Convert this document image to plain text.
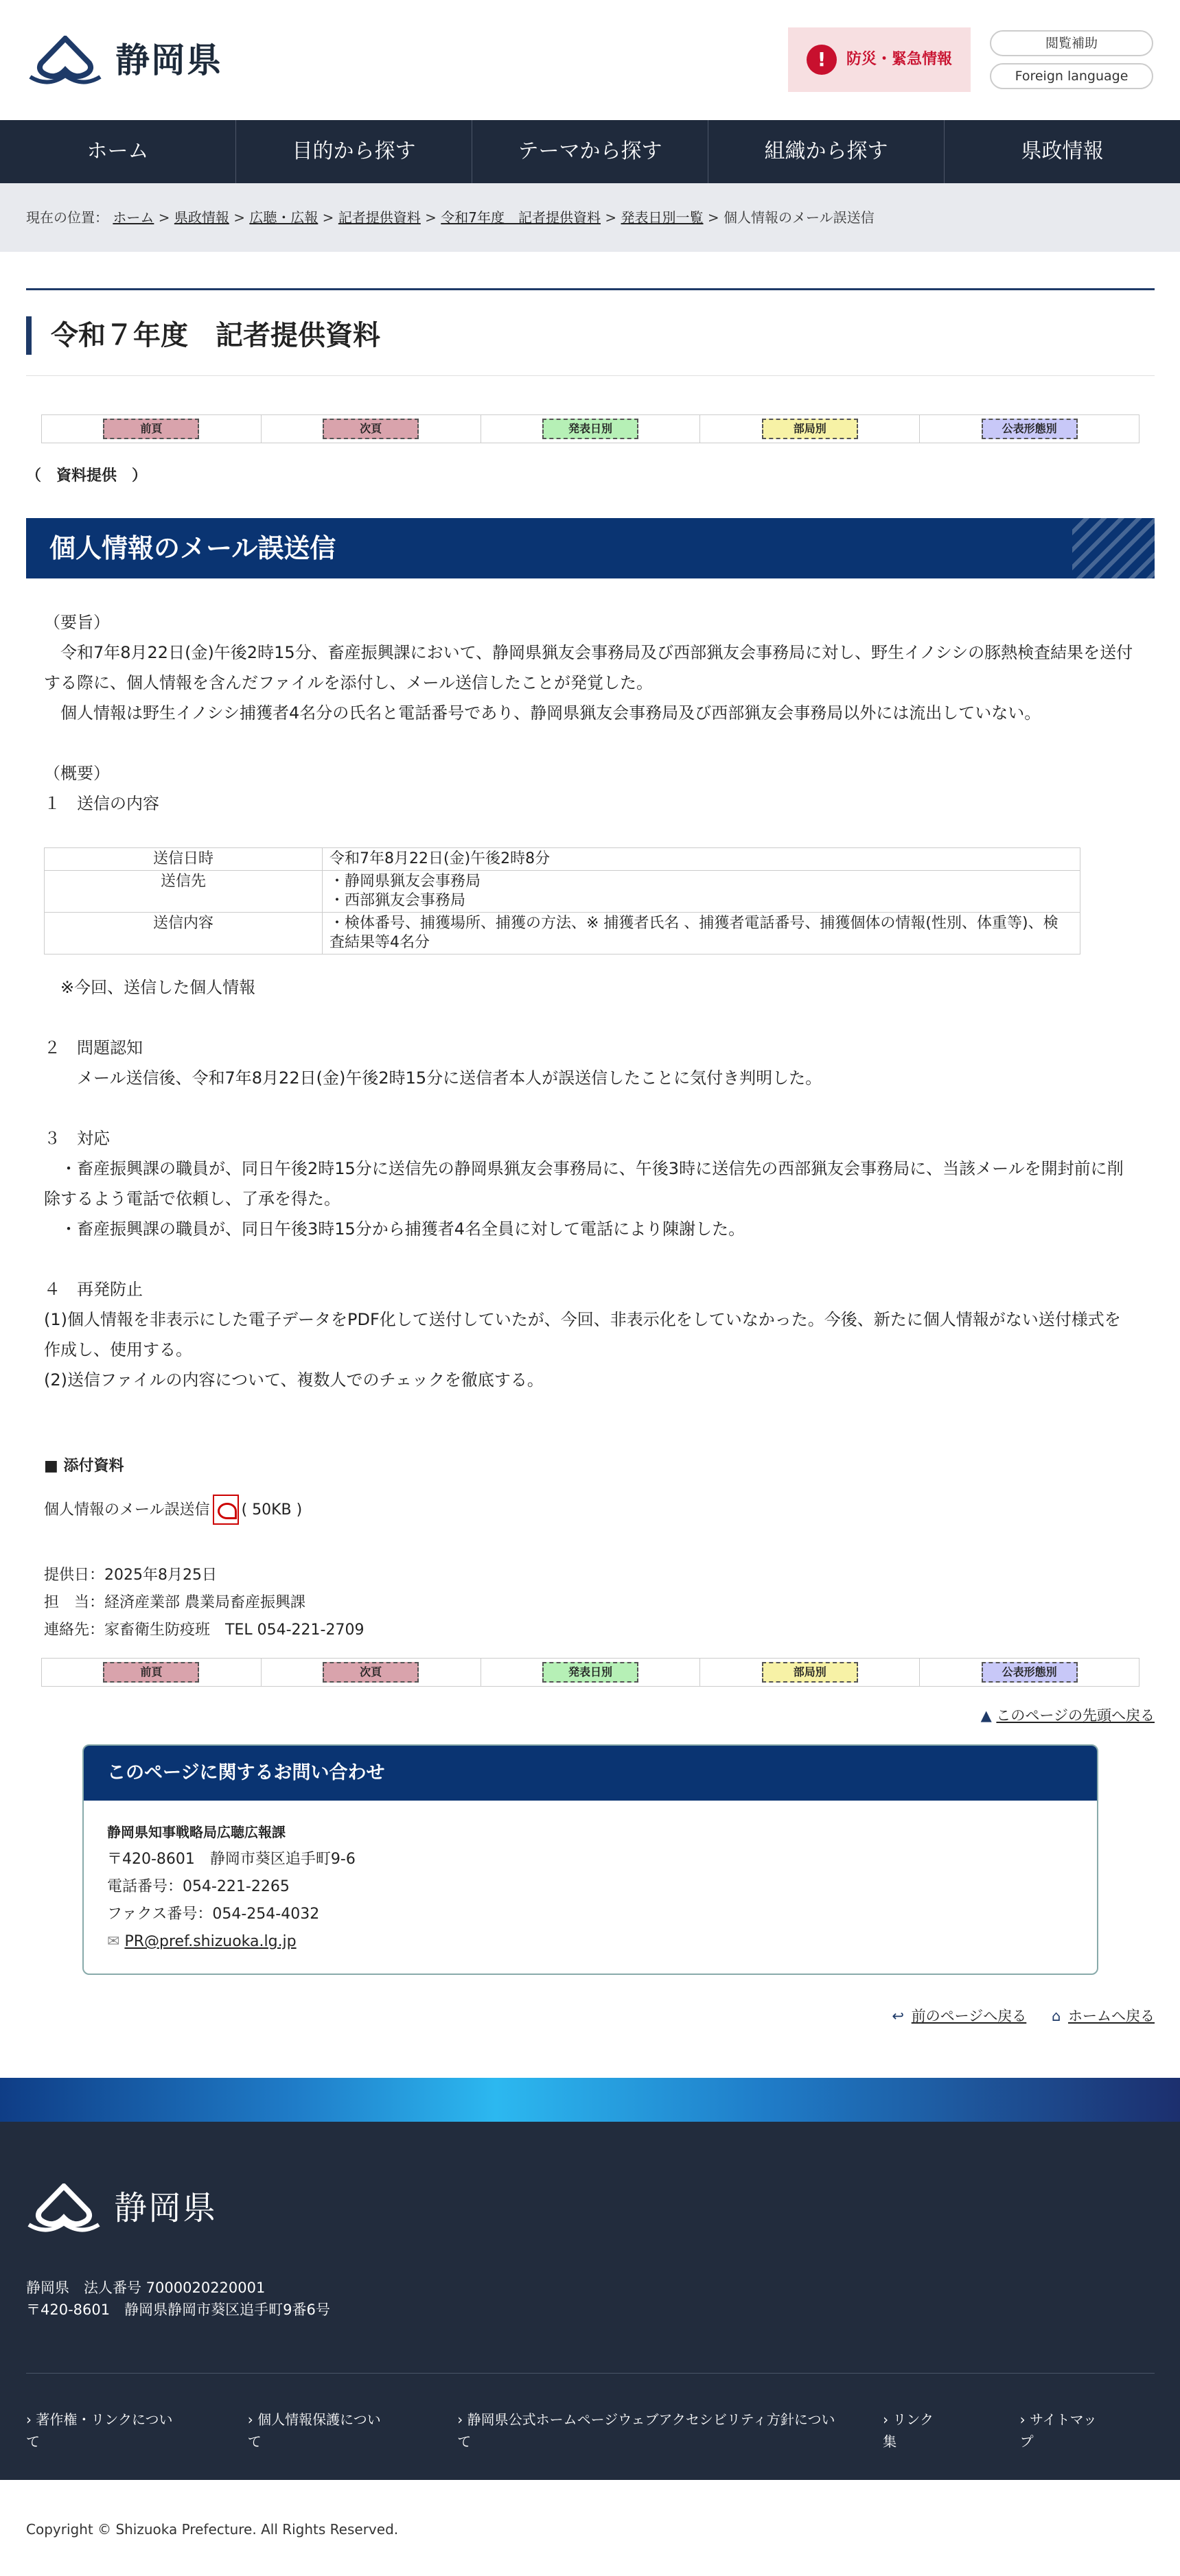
静岡県	!	防災・緊急情報
閲覧補助
Foreign language
ホーム	目的から探す	テーマから探す	組織から探す	県政情報
現在の位置： ホーム > 県政情報 > 広聴・広報 > 記者提供資料 > 令和7年度　記者提供資料 > 発表日別一覧 > 個人情報のメール誤送信
令和７年度　記者提供資料
前頁	次頁	発表日別	部局別	公表形態別
（　資料提供　）
個人情報のメール誤送信

（要旨）

　令和7年8月22日(金)午後2時15分、畜産振興課において、静岡県猟友会事務局及び西部猟友会事務局に対し、野生イノシシの豚熱検査結果を送付する際に、個人情報を含んだファイルを添付し、メール送信したことが発覚した。

　個人情報は野生イノシシ捕獲者4名分の氏名と電話番号であり、静岡県猟友会事務局及び西部猟友会事務局以外には流出していない。

（概要）

１　送信の内容

送信日時	令和7年8月22日(金)午後2時8分

送信先	・静岡県猟友会事務局
・西部猟友会事務局

送信内容	・検体番号、捕獲場所、捕獲の方法、※ 捕獲者氏名 、捕獲者電話番号、捕獲個体の情報(性別、体重等)、検査結果等4名分

　※今回、送信した個人情報

２　問題認知

　　メール送信後、令和7年8月22日(金)午後2時15分に送信者本人が誤送信したことに気付き判明した。

３　対応

　・畜産振興課の職員が、同日午後2時15分に送信先の静岡県猟友会事務局に、午後3時に送信先の西部猟友会事務局に、当該メールを開封前に削除するよう電話で依頼し、了承を得た。

　・畜産振興課の職員が、同日午後3時15分から捕獲者4名全員に対して電話により陳謝した。

４　再発防止

(1)個人情報を非表示にした電子データをPDF化して送付していたが、今回、非表示化をしていなかった。今後、新たに個人情報がない送付様式を作成し、使用する。

(2)送信ファイルの内容について、複数人でのチェックを徹底する。

■ 添付資料
個人情報のメール誤送信 ( 50KB )
提供日：2025年8月25日
担　当：経済産業部 農業局畜産振興課
連絡先：家畜衛生防疫班　TEL 054-221-2709
前頁	次頁	発表日別	部局別	公表形態別
▲ このページの先頭へ戻る
このページに関するお問い合わせ
静岡県知事戦略局広聴広報課
〒420-8601　静岡市葵区追手町9-6
電話番号：054-221-2265
ファクス番号：054-254-4032
✉ PR@pref.shizuoka.lg.jp
↩ 前のページへ戻る ⌂ ホームへ戻る
静岡県
静岡県　法人番号 7000020220001
〒420-8601　静岡県静岡市葵区追手町9番6号
› 著作権・リンクについて
› 個人情報保護について
› 静岡県公式ホームページウェブアクセシビリティ方針について
› リンク集
› サイトマップ
Copyright © Shizuoka Prefecture. All Rights Reserved.
